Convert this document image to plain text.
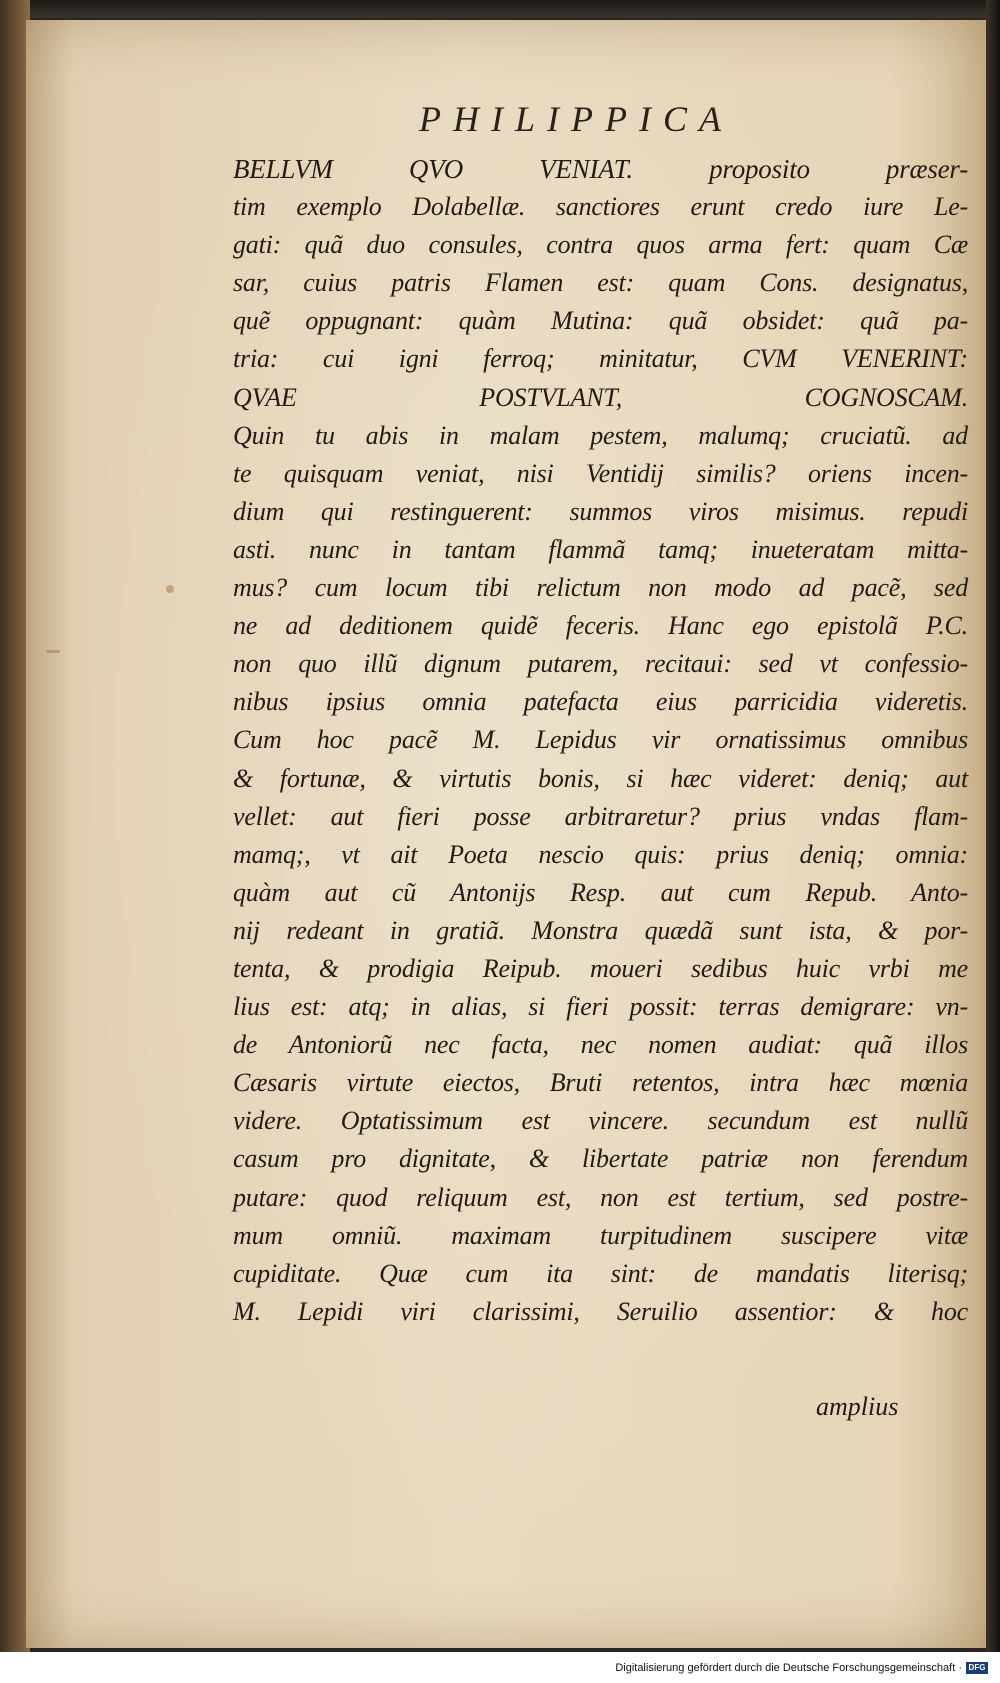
PHILIPPICA
BELLVM QVO VENIAT. proposito præser-
tim exemplo Dolabellæ. sanctiores erunt credo iure Le-
gati: quã duo consules, contra quos arma fert: quam Cæ
sar, cuius patris Flamen est: quam Cons. designatus,
quẽ oppugnant: quàm Mutina: quã obsidet: quã pa-
tria: cui igni ferroq; minitatur, CVM VENERINT:
QVAE POSTVLANT, COGNOSCAM.
Quin tu abis in malam pestem, malumq; cruciatũ. ad
te quisquam veniat, nisi Ventidij similis? oriens incen-
dium qui restinguerent: summos viros misimus. repudi
asti. nunc in tantam flammã tamq; inueteratam mitta-
mus? cum locum tibi relictum non modo ad pacẽ, sed
ne ad deditionem quidẽ feceris. Hanc ego epistolã P.C.
non quo illũ dignum putarem, recitaui: sed vt confessio-
nibus ipsius omnia patefacta eius parricidia videretis.
Cum hoc pacẽ M. Lepidus vir ornatissimus omnibus
& fortunæ, & virtutis bonis, si hæc videret: deniq; aut
vellet: aut fieri posse arbitraretur? prius vndas flam-
mamq;, vt ait Poeta nescio quis: prius deniq; omnia:
quàm aut cũ Antonijs Resp. aut cum Repub. Anto-
nij redeant in gratiã. Monstra quædã sunt ista, & por-
tenta, & prodigia Reipub. moueri sedibus huic vrbi me
lius est: atq; in alias, si fieri possit: terras demigrare: vn-
de Antoniorũ nec facta, nec nomen audiat: quã illos
Cæsaris virtute eiectos, Bruti retentos, intra hæc mœnia
videre. Optatissimum est vincere. secundum est nullũ
casum pro dignitate, & libertate patriæ non ferendum
putare: quod reliquum est, non est tertium, sed postre-
mum omniũ. maximam turpitudinem suscipere vitæ
cupiditate. Quæ cum ita sint: de mandatis literisq;
M. Lepidi viri clarissimi, Seruilio assentior: & hoc
amplius
Digitalisierung gefördert durch die Deutsche Forschungsgemeinschaft · DFG
